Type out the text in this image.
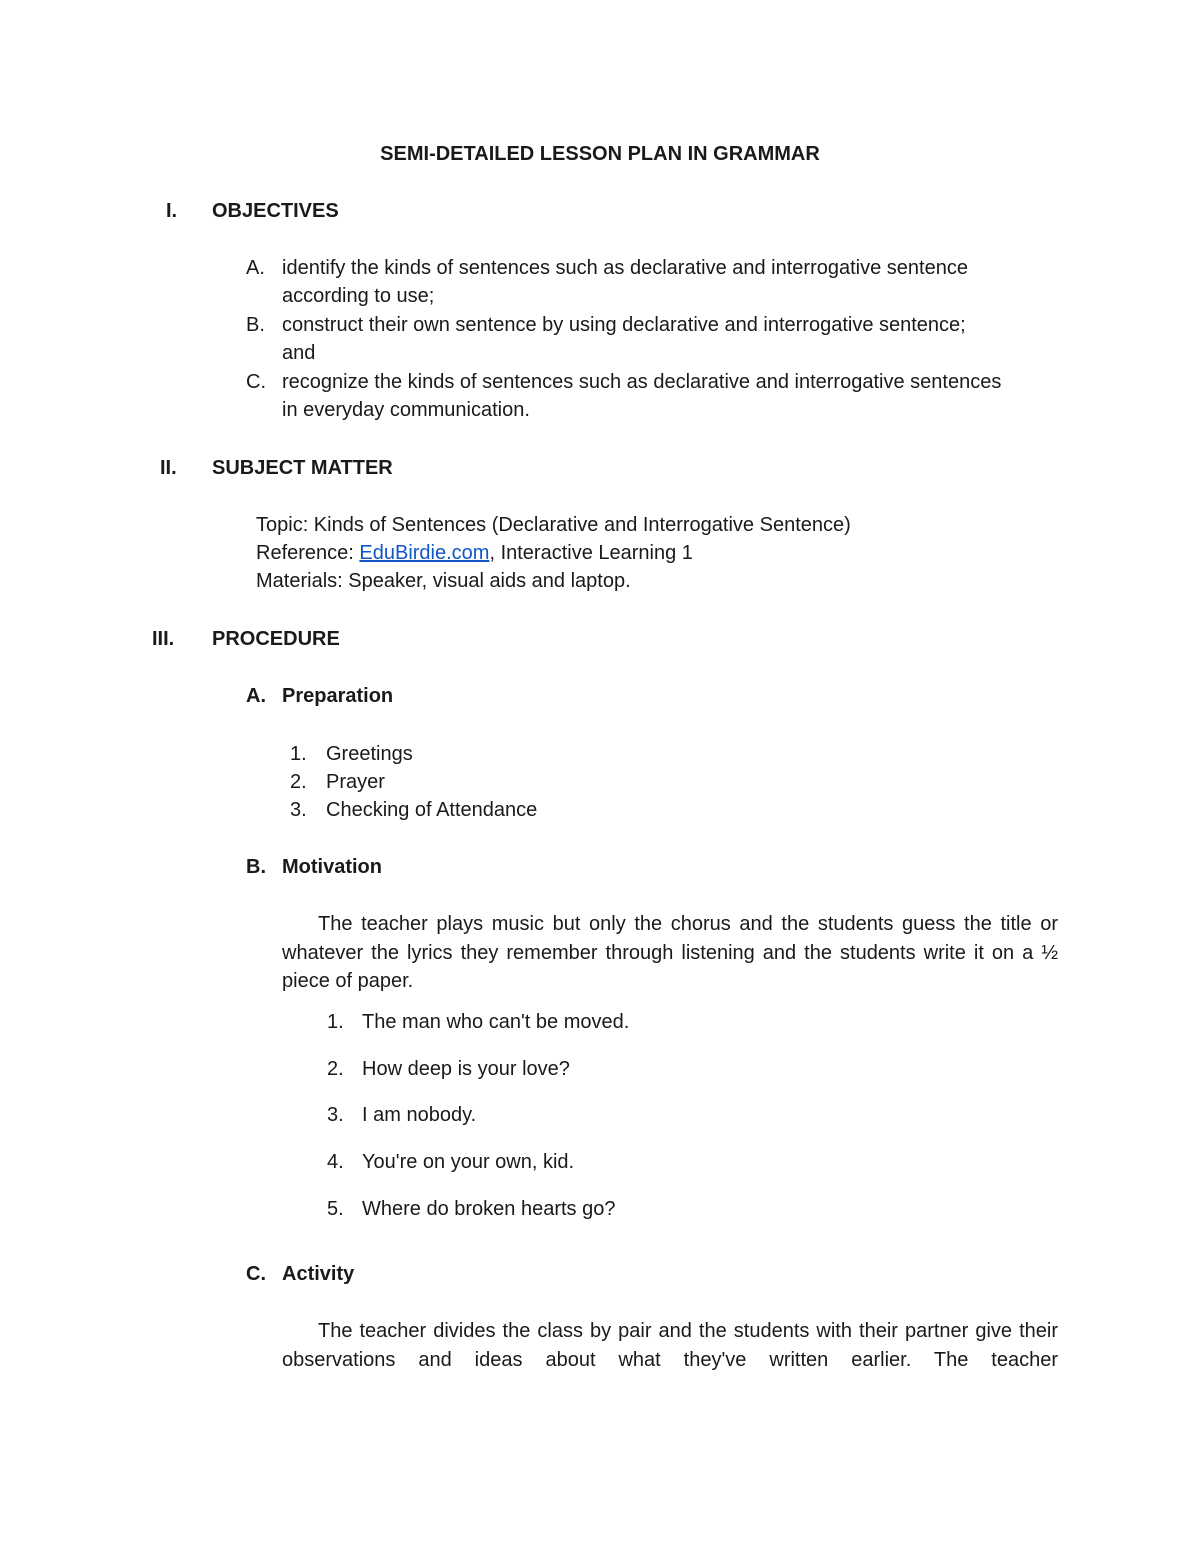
SEMI-DETAILED LESSON PLAN IN GRAMMAR
I. OBJECTIVES
A. identify the kinds of sentences such as declarative and interrogative sentence
according to use;
B. construct their own sentence by using declarative and interrogative sentence;
and
C. recognize the kinds of sentences such as declarative and interrogative sentences
in everyday communication.
II. SUBJECT MATTER
Topic: Kinds of Sentences (Declarative and Interrogative Sentence)
Reference: EduBirdie.com, Interactive Learning 1
Materials: Speaker, visual aids and laptop.
III. PROCEDURE
A. Preparation
1. Greetings
2. Prayer
3. Checking of Attendance
B. Motivation
The teacher plays music but only the chorus and the students guess the title or whatever the lyrics they remember through listening and the students write it on a ½ piece of paper.
1. The man who can't be moved.
2. How deep is your love?
3. I am nobody.
4. You're on your own, kid.
5. Where do broken hearts go?
C. Activity
The teacher divides the class by pair and the students with their partner give their observations and ideas about what they've written earlier. The teacher
